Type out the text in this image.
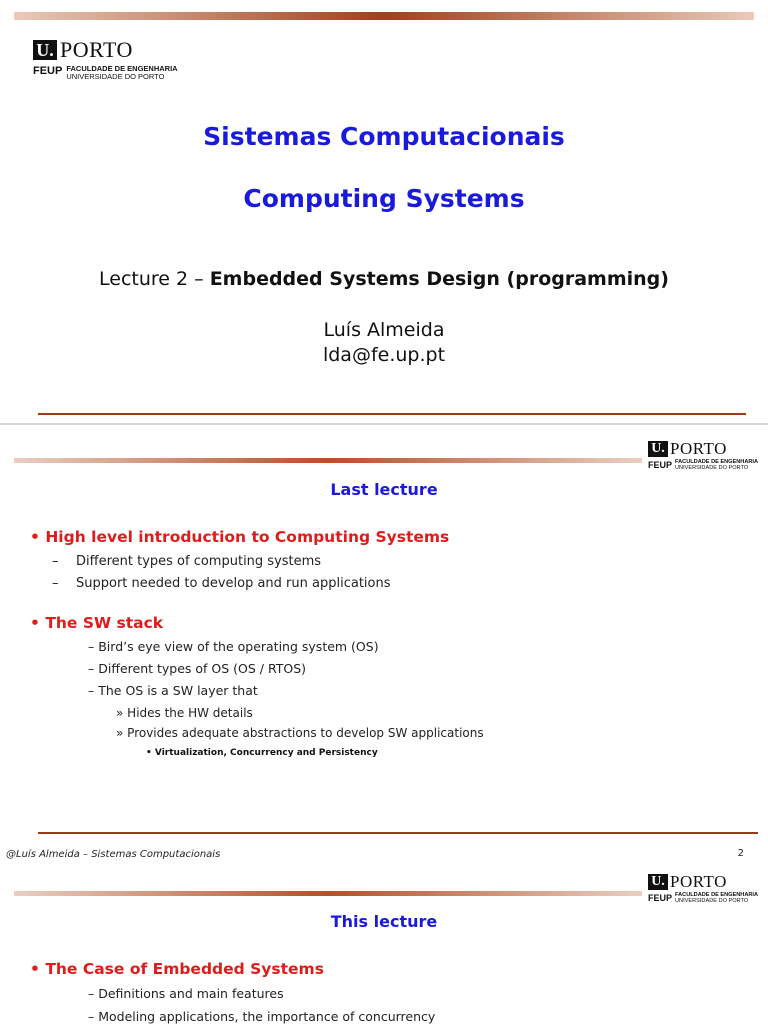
U. PORTO
FEUP FACULDADE DE ENGENHARIA
UNIVERSIDADE DO PORTO
Sistemas Computacionais
Computing Systems
Lecture 2 – Embedded Systems Design (programming)
Luís Almeida
lda@fe.up.pt
U. PORTO
FEUP FACULDADE DE ENGENHARIA
UNIVERSIDADE DO PORTO
Last lecture
• High level introduction to Computing Systems
– Different types of computing systems
– Support needed to develop and run applications
• The SW stack
– Bird’s eye view of the operating system (OS)
– Different types of OS (OS / RTOS)
– The OS is a SW layer that
» Hides the HW details
» Provides adequate abstractions to develop SW applications
• Virtualization, Concurrency and Persistency
@Luís Almeida – Sistemas Computacionais	2
U. PORTO
FEUP FACULDADE DE ENGENHARIA
UNIVERSIDADE DO PORTO
This lecture
• The Case of Embedded Systems
– Definitions and main features
– Modeling applications, the importance of concurrency
